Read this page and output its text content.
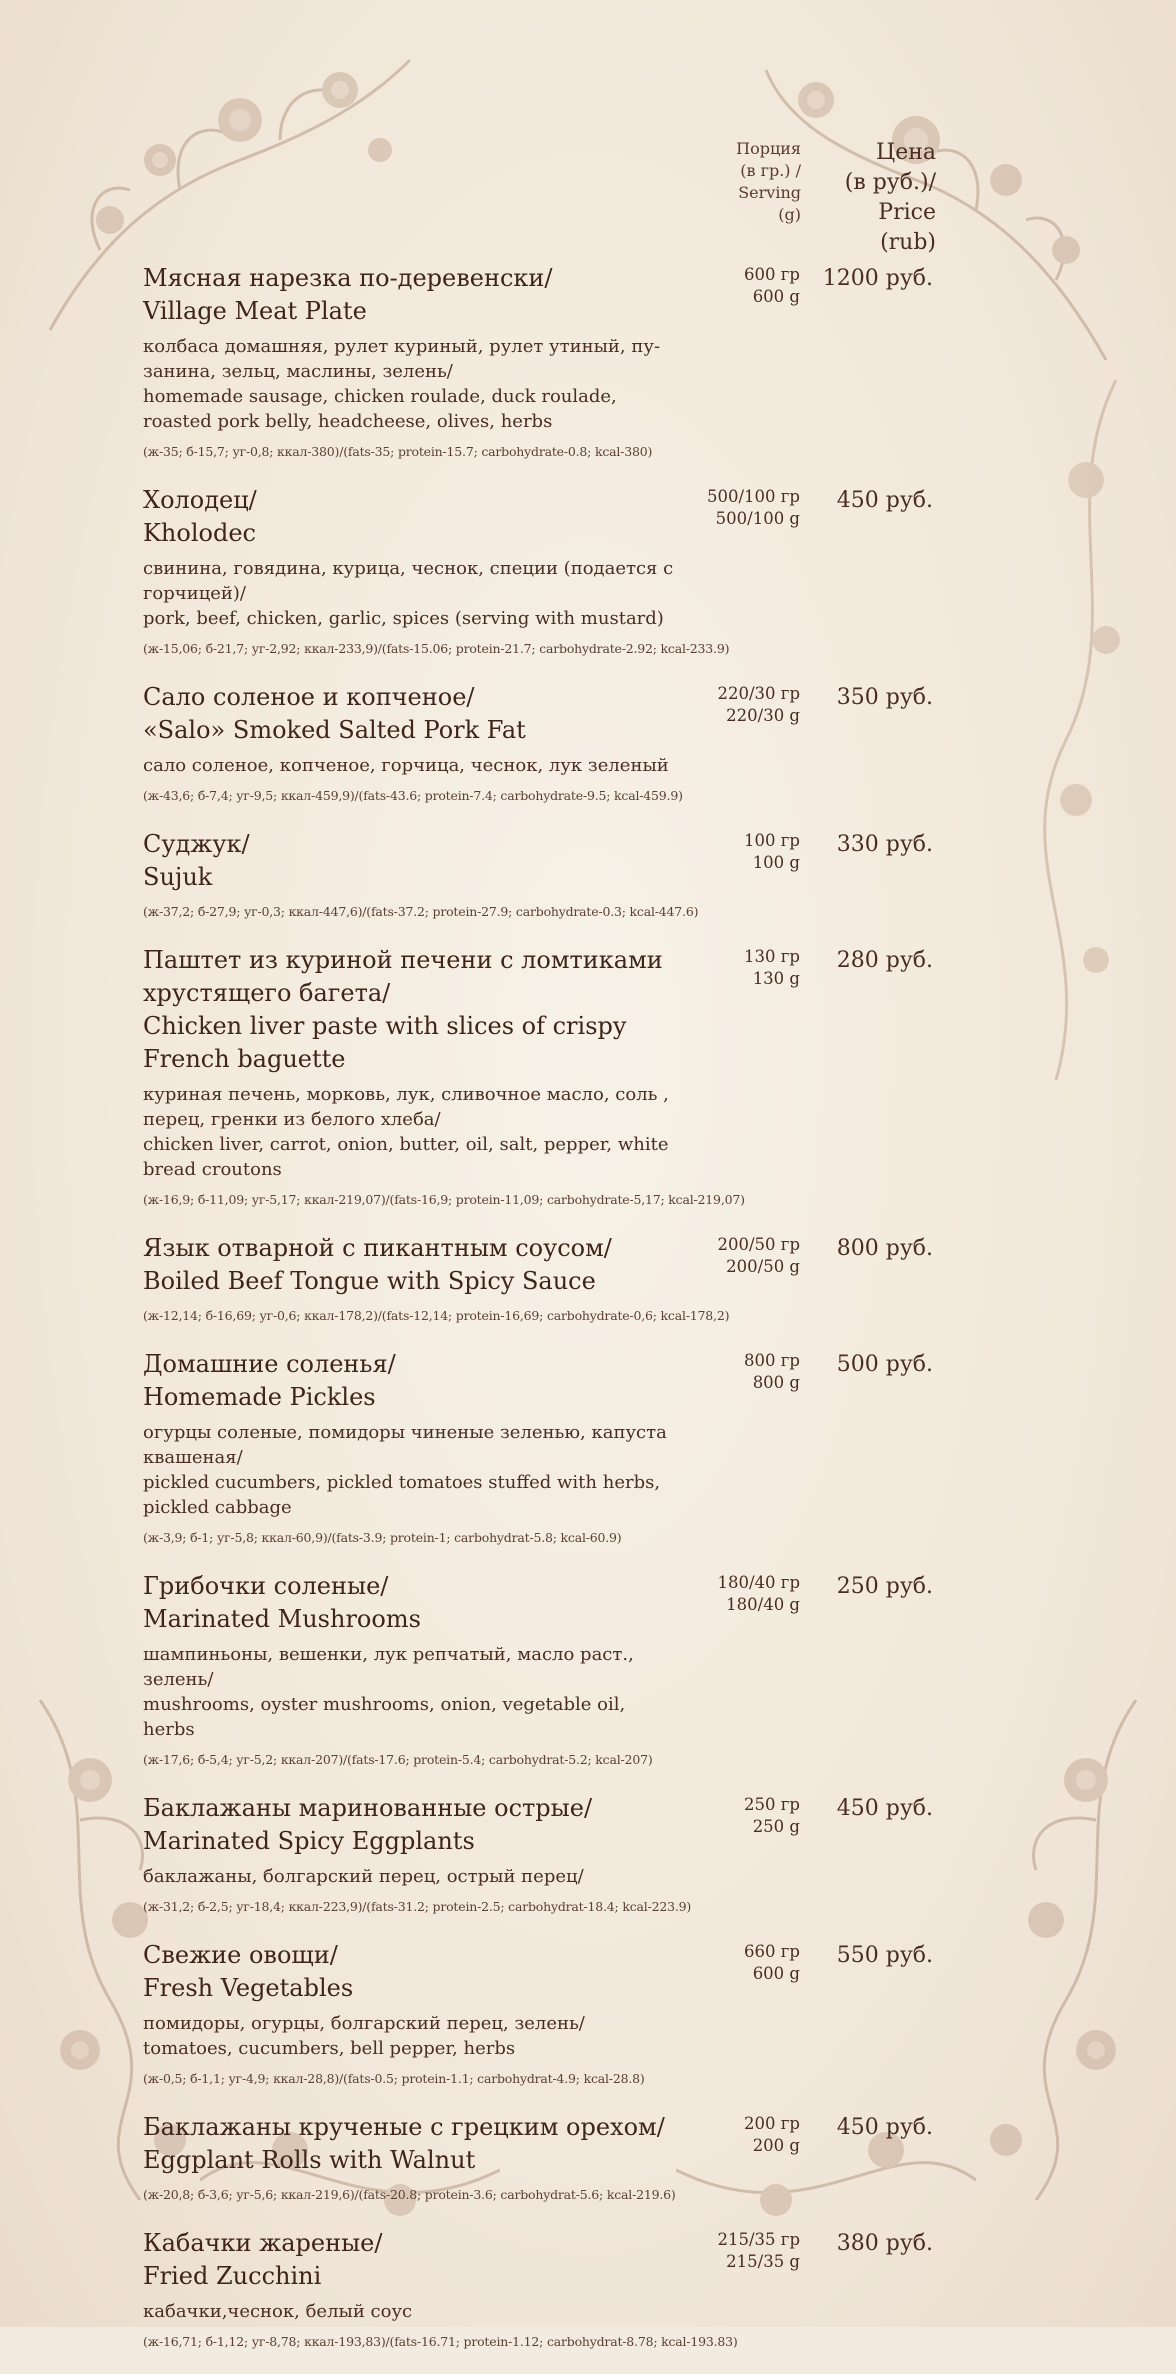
Порция
(в гр.) /
Serving
(g)
Цена
(в руб.)/
Price
(rub)
Мясная нарезка по-деревенски/
Village Meat Plate
колбаса домашняя, рулет куриный, рулет утиный, пу-
занина, зельц, маслины, зелень/
homemade sausage, chicken roulade, duck roulade,
roasted pork belly, headcheese, olives, herbs
(ж-35; б-15,7; уг-0,8; ккал-380)/(fats-35; protein-15.7; carbohydrate-0.8; kcal-380)
600 гр
600 g
1200 руб.
Холодец/
Kholodec
свинина, говядина, курица, чеснок, специи (подается с
горчицей)/
pork, beef, chicken, garlic, spices (serving with mustard)
(ж-15,06; б-21,7; уг-2,92; ккал-233,9)/(fats-15.06; protein-21.7; carbohydrate-2.92; kcal-233.9)
500/100 гр
500/100 g
450 руб.
Сало соленое и копченое/
«Salo» Smoked Salted Pork Fat
сало соленое, копченое, горчица, чеснок, лук зеленый
(ж-43,6; б-7,4; уг-9,5; ккал-459,9)/(fats-43.6; protein-7.4; carbohydrate-9.5; kcal-459.9)
220/30 гр
220/30 g
350 руб.
Суджук/
Sujuk
(ж-37,2; б-27,9; уг-0,3; ккал-447,6)/(fats-37.2; protein-27.9; carbohydrate-0.3; kcal-447.6)
100 гр
100 g
330 руб.
Паштет из куриной печени с ломтиками
хрустящего багета/
Chicken liver paste with slices of crispy
French baguette
куриная печень, морковь, лук, сливочное масло, соль ,
перец, гренки из белого хлеба/
chicken liver, carrot, onion, butter, oil, salt, pepper, white
bread croutons
(ж-16,9; б-11,09; уг-5,17; ккал-219,07)/(fats-16,9; protein-11,09; carbohydrate-5,17; kcal-219,07)
130 гр
130 g
280 руб.
Язык отварной с пикантным соусом/
Boiled Beef Tongue with Spicy Sauce
(ж-12,14; б-16,69; уг-0,6; ккал-178,2)/(fats-12,14; protein-16,69; carbohydrate-0,6; kcal-178,2)
200/50 гр
200/50 g
800 руб.
Домашние соленья/
Homemade Pickles
огурцы соленые, помидоры чиненые зеленью, капуста
квашеная/
pickled cucumbers, pickled tomatoes stuffed with herbs,
pickled cabbage
(ж-3,9; б-1; уг-5,8; ккал-60,9)/(fats-3.9; protein-1; carbohydrat-5.8; kcal-60.9)
800 гр
800 g
500 руб.
Грибочки соленые/
Marinated Mushrooms
шампиньоны, вешенки, лук репчатый, масло раст., зелень/
mushrooms, oyster mushrooms, onion, vegetable oil,
herbs
(ж-17,6; б-5,4; уг-5,2; ккал-207)/(fats-17.6; protein-5.4; carbohydrat-5.2; kcal-207)
180/40 гр
180/40 g
250 руб.
Баклажаны маринованные острые/
Marinated Spicy Eggplants
баклажаны, болгарский перец, острый перец/
(ж-31,2; б-2,5; уг-18,4; ккал-223,9)/(fats-31.2; protein-2.5; carbohydrat-18.4; kcal-223.9)
250 гр
250 g
450 руб.
Свежие овощи/
Fresh Vegetables
помидоры, огурцы, болгарский перец, зелень/
tomatoes, cucumbers, bell pepper, herbs
(ж-0,5; б-1,1; уг-4,9; ккал-28,8)/(fats-0.5; protein-1.1; carbohydrat-4.9; kcal-28.8)
660 гр
600 g
550 руб.
Баклажаны крученые с грецким орехом/
Eggplant Rolls with Walnut
(ж-20,8; б-3,6; уг-5,6; ккал-219,6)/(fats-20.8; protein-3.6; carbohydrat-5.6; kcal-219.6)
200 гр
200 g
450 руб.
Кабачки жареные/
Fried Zucchini
кабачки,чеснок, белый соус
(ж-16,71; б-1,12; уг-8,78; ккал-193,83)/(fats-16.71; protein-1.12; carbohydrat-8.78; kcal-193.83)
215/35 гр
215/35 g
380 руб.
